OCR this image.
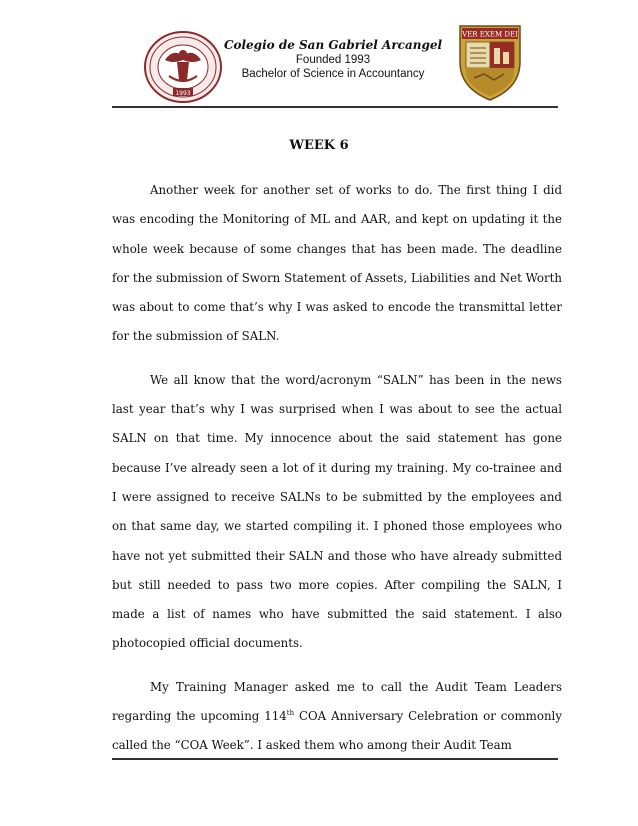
1993
Colegio de San Gabriel Arcangel
Founded 1993
Bachelor of Science in Accountancy
VER EXEM DEI
WEEK 6

Another week for another set of works to do. The first thing I did was encoding the Monitoring of ML and AAR, and kept on updating it the whole week because of some changes that has been made. The deadline for the submission of Sworn Statement of Assets, Liabilities and Net Worth was about to come that’s why I was asked to encode the transmittal letter for the submission of SALN.

We all know that the word/acronym “SALN” has been in the news last year that’s why I was surprised when I was about to see the actual SALN on that time. My innocence about the said statement has gone because I’ve already seen a lot of it during my training. My co-trainee and I were assigned to receive SALNs to be submitted by the employees and on that same day, we started compiling it. I phoned those employees who have not yet submitted their SALN and those who have already submitted but still needed to pass two more copies. After compiling the SALN, I made a list of names who have submitted the said statement. I also photocopied official documents.

My Training Manager asked me to call the Audit Team Leaders regarding the upcoming 114th COA Anniversary Celebration or commonly called the “COA Week”. I asked them who among their Audit Team
